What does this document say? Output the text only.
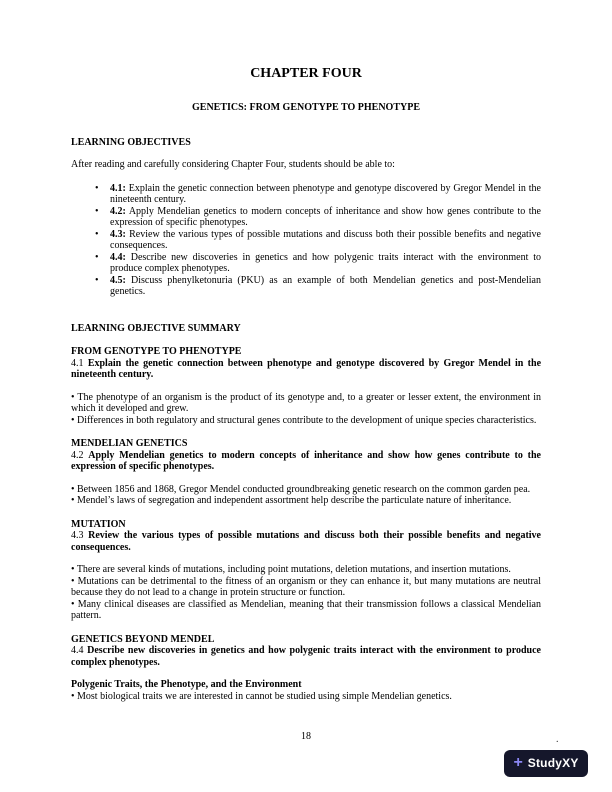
CHAPTER FOUR
GENETICS: FROM GENOTYPE TO PHENOTYPE
LEARNING OBJECTIVES

After reading and carefully considering Chapter Four, students should be able to:

•	4.1: Explain the genetic connection between phenotype and genotype discovered by Gregor Mendel in the nineteenth century.
•	4.2: Apply Mendelian genetics to modern concepts of inheritance and show how genes contribute to the expression of specific phenotypes.
•	4.3: Review the various types of possible mutations and discuss both their possible benefits and negative consequences.
•	4.4: Describe new discoveries in genetics and how polygenic traits interact with the environment to produce complex phenotypes.
•	4.5: Discuss phenylketonuria (PKU) as an example of both Mendelian genetics and post-Mendelian genetics.
LEARNING OBJECTIVE SUMMARY
FROM GENOTYPE TO PHENOTYPE

4.1 Explain the genetic connection between phenotype and genotype discovered by Gregor Mendel in the nineteenth century.

• The phenotype of an organism is the product of its genotype and, to a greater or lesser extent, the environment in which it developed and grew.

• Differences in both regulatory and structural genes contribute to the development of unique species characteristics.

MENDELIAN GENETICS

4.2 Apply Mendelian genetics to modern concepts of inheritance and show how genes contribute to the expression of specific phenotypes.

• Between 1856 and 1868, Gregor Mendel conducted groundbreaking genetic research on the common garden pea.

• Mendel’s laws of segregation and independent assortment help describe the particulate nature of inheritance.

MUTATION

4.3 Review the various types of possible mutations and discuss both their possible benefits and negative consequences.

• There are several kinds of mutations, including point mutations, deletion mutations, and insertion mutations.

• Mutations can be detrimental to the fitness of an organism or they can enhance it, but many mutations are neutral because they do not lead to a change in protein structure or function.

• Many clinical diseases are classified as Mendelian, meaning that their transmission follows a classical Mendelian pattern.

GENETICS BEYOND MENDEL

4.4 Describe new discoveries in genetics and how polygenic traits interact with the environment to produce complex phenotypes.

Polygenic Traits, the Phenotype, and the Environment

• Most biological traits we are interested in cannot be studied using simple Mendelian genetics.

18	.
+ StudyXY
